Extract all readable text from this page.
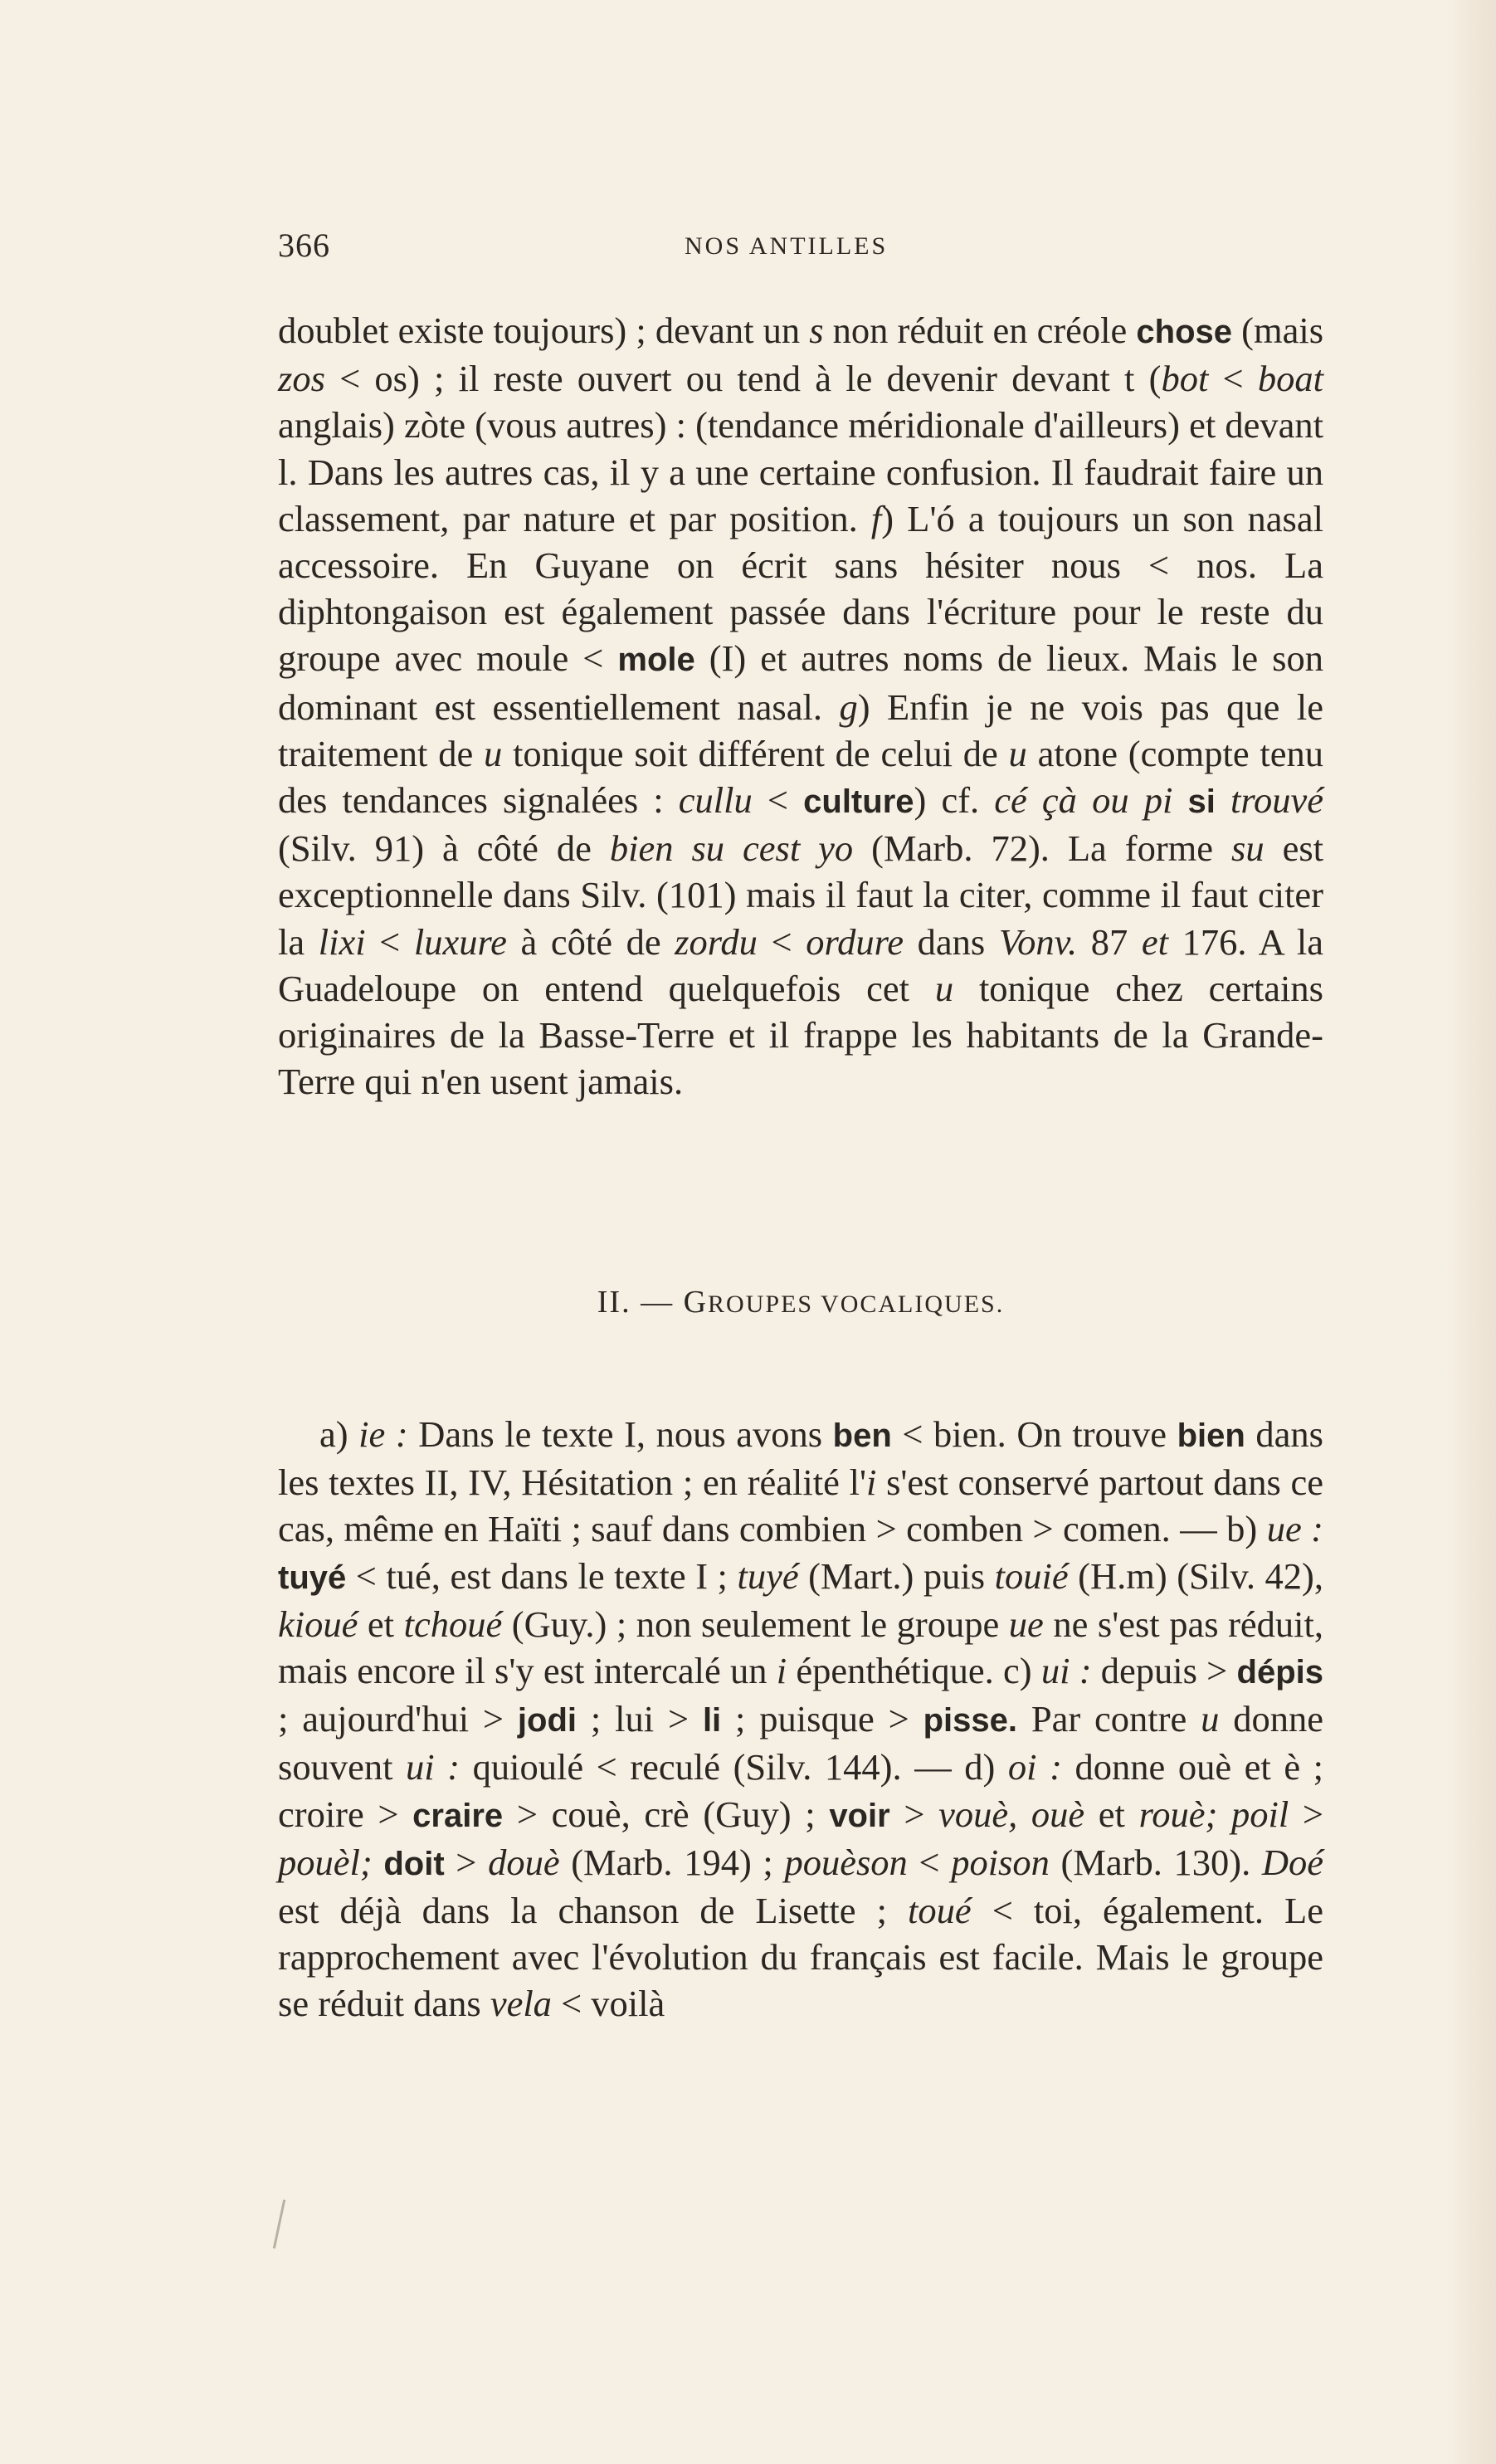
366	NOS ANTILLES

doublet existe toujours) ; devant un s non réduit en créole chose (mais zos < os) ; il reste ouvert ou tend à le devenir devant t (bot < boat anglais) zòte (vous autres) : (tendance méridionale d'ailleurs) et devant l. Dans les autres cas, il y a une certaine confusion. Il faudrait faire un classement, par nature et par position. f) L'ó a toujours un son nasal accessoire. En Guyane on écrit sans hésiter nous < nos. La diphtongaison est également passée dans l'écriture pour le reste du groupe avec moule < mole (I) et autres noms de lieux. Mais le son dominant est essentiellement nasal. g) Enfin je ne vois pas que le traitement de u tonique soit différent de celui de u atone (compte tenu des tendances signalées : cullu < culture) cf. cé çà ou pi si trouvé (Silv. 91) à côté de bien su cest yo (Marb. 72). La forme su est exceptionnelle dans Silv. (101) mais il faut la citer, comme il faut citer la lixi < luxure à côté de zordu < ordure dans Vonv. 87 et 176. A la Guadeloupe on entend quelquefois cet u tonique chez certains originaires de la Basse-Terre et il frappe les habitants de la Grande-Terre qui n'en usent jamais.

II. — GROUPES VOCALIQUES.

a) ie : Dans le texte I, nous avons ben < bien. On trouve bien dans les textes II, IV, Hésitation ; en réalité l'i s'est conservé partout dans ce cas, même en Haïti ; sauf dans combien > comben > comen. — b) ue : tuyé < tué, est dans le texte I ; tuyé (Mart.) puis touié (H.m) (Silv. 42), kioué et tchoué (Guy.) ; non seulement le groupe ue ne s'est pas réduit, mais encore il s'y est intercalé un i épenthétique. c) ui : depuis > dépis ; aujourd'hui > jodi ; lui > li ; puisque > pisse. Par contre u donne souvent ui : quioulé < reculé (Silv. 144). — d) oi : donne ouè et è ; croire > craire > couè, crè (Guy) ; voir > vouè, ouè et rouè; poil > pouèl; doit > douè (Marb. 194) ; pouèson < poison (Marb. 130). Doé est déjà dans la chanson de Lisette ; toué < toi, également. Le rapprochement avec l'évolution du français est facile. Mais le groupe se réduit dans vela < voilà
